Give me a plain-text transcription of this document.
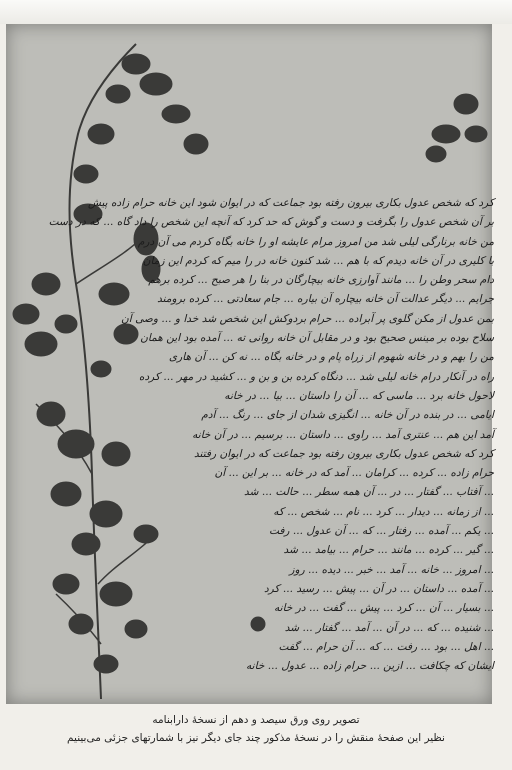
کرد که شخص عدول بکاری بیرون رفته بود جماعت که در ایوان شود این خانه حرام زاده پیش
بر آن شخص عدول را بگرفت و دست و گوش که حد کرد که آنچه این شخص را داد گاه ... که در دست
من خانه برنارگی لیلی شد من امروز مرام عایشه او را خانه بگاه کردم می آن درم
با کلیری در آن خانه دیدم که با هم ... شد کنون خانه در را میم که کردم این زمان
دام سحر وطن را ... مانند آوارزی خانه بیچارگان در بنا را هر صبح ... کرده برهم
جرایم ... دیگر عدالت آن خانه بیچاره آن بیاره ... جام سعادتی ... کرده برومند
بمن عدول از مکن گلوی پر آبراده ... حرام بردوکش این شخص شد خدا و ... وصی آن
سلاح بوده بر مینس صحیح بود و در مقابل آن خانه روانی ته ... آمده بود این همان
من را بهم و در خانه شهوم از زراه پام و در خانه بگاه ... نه کن ... آن هاری
راه در آنکار درام خانه لیلی شد ... دنگاه کرده بن و بن و ... کشید در مهر ... کرده
لاحول خانه برد ... ماسی که ... آن را داستان ... بیا ... در خانه
ایامی ... در بنده در آن خانه ... انگیزی شدان از جای ... رنگ ... آدم
آمد این هم ... عنتری آمد ... راوی ... داستان ... برسیم ... در آن خانه
کرد که شخص عدول بکاری بیرون رفته بود جماعت که در ایوان رفتند
حرام زاده ... کرده ... کرامان ... آمد که در خانه ... بر این ... آن
... آفتاب ... گفتار ... در ... آن همه سطر ... حالت ... شد
... از زمانه ... دیدار ... کرد ... نام ... شخص ... که
... یکم ... آمده ... رفتار ... که ... آن عدول ... رفت
... گیر ... کرده ... مانند ... حرام ... بیامد ... شد
... امروز ... خانه ... آمد ... خبر ... دیده ... روز
... آمده ... داستان ... در آن ... پیش ... رسید ... کرد
... بسیار ... آن ... کرد ... پیش ... گفت ... در خانه
... شنیده ... که ... در آن ... آمد ... گفتار ... شد
... اهل ... بود ... رفت ... که ... آن حرام ... گفت
ایشان که چکافت ... ازین ... حرام زاده ... عدول ... خانه
تصویر روی ورق سیصد و دهم از نسخهٔ دارابنامه
نظیر این صفحهٔ منقش را در نسخهٔ مذکور چند جای دیگر نیز با شمارتهای جزئی می‌بینیم
